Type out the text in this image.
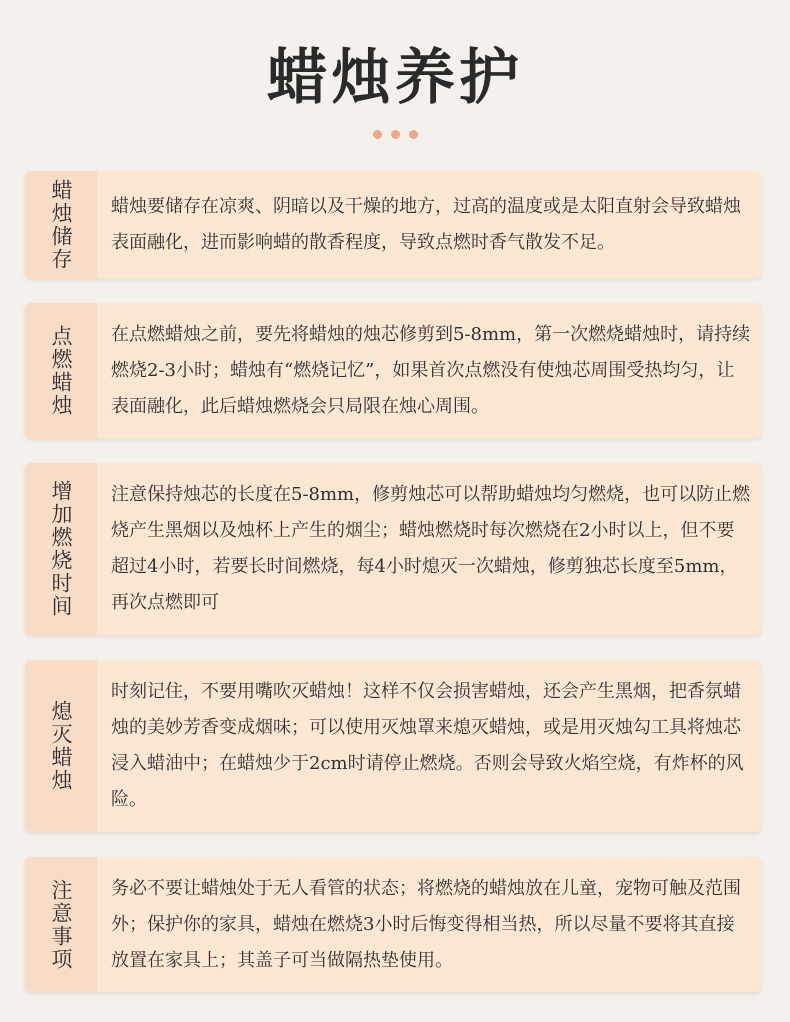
蜡烛养护
蜡烛储存 蜡烛要储存在凉爽、阴暗以及干燥的地方，过高的温度或是太阳直射会导致蜡烛表面融化，进而影响蜡的散香程度，导致点燃时香气散发不足。

点燃蜡烛 在点燃蜡烛之前，要先将蜡烛的烛芯修剪到5-8mm，第一次燃烧蜡烛时，请持续燃烧2-3小时；蜡烛有“燃烧记忆”，如果首次点燃没有使烛芯周围受热均匀，让表面融化，此后蜡烛燃烧会只局限在烛心周围。

增加燃烧时间 注意保持烛芯的长度在5-8mm，修剪烛芯可以帮助蜡烛均匀燃烧，也可以防止燃烧产生黑烟以及烛杯上产生的烟尘；蜡烛燃烧时每次燃烧在2小时以上，但不要超过4小时，若要长时间燃烧，每4小时熄灭一次蜡烛，修剪独芯长度至5mm，再次点燃即可

熄灭蜡烛

时刻记住，不要用嘴吹灭蜡烛！这样不仅会损害蜡烛，还会产生黑烟，把香氛蜡烛的美妙芳香变成烟味；可以使用灭烛罩来熄灭蜡烛，或是用灭烛勾工具将烛芯浸入蜡油中；在蜡烛少于2cm时请停止燃烧。否则会导致火焰空烧，有炸杯的风险。

注意事项 务必不要让蜡烛处于无人看管的状态；将燃烧的蜡烛放在儿童，宠物可触及范围外；保护你的家具，蜡烛在燃烧3小时后悔变得相当热，所以尽量不要将其直接放置在家具上；其盖子可当做隔热垫使用。
